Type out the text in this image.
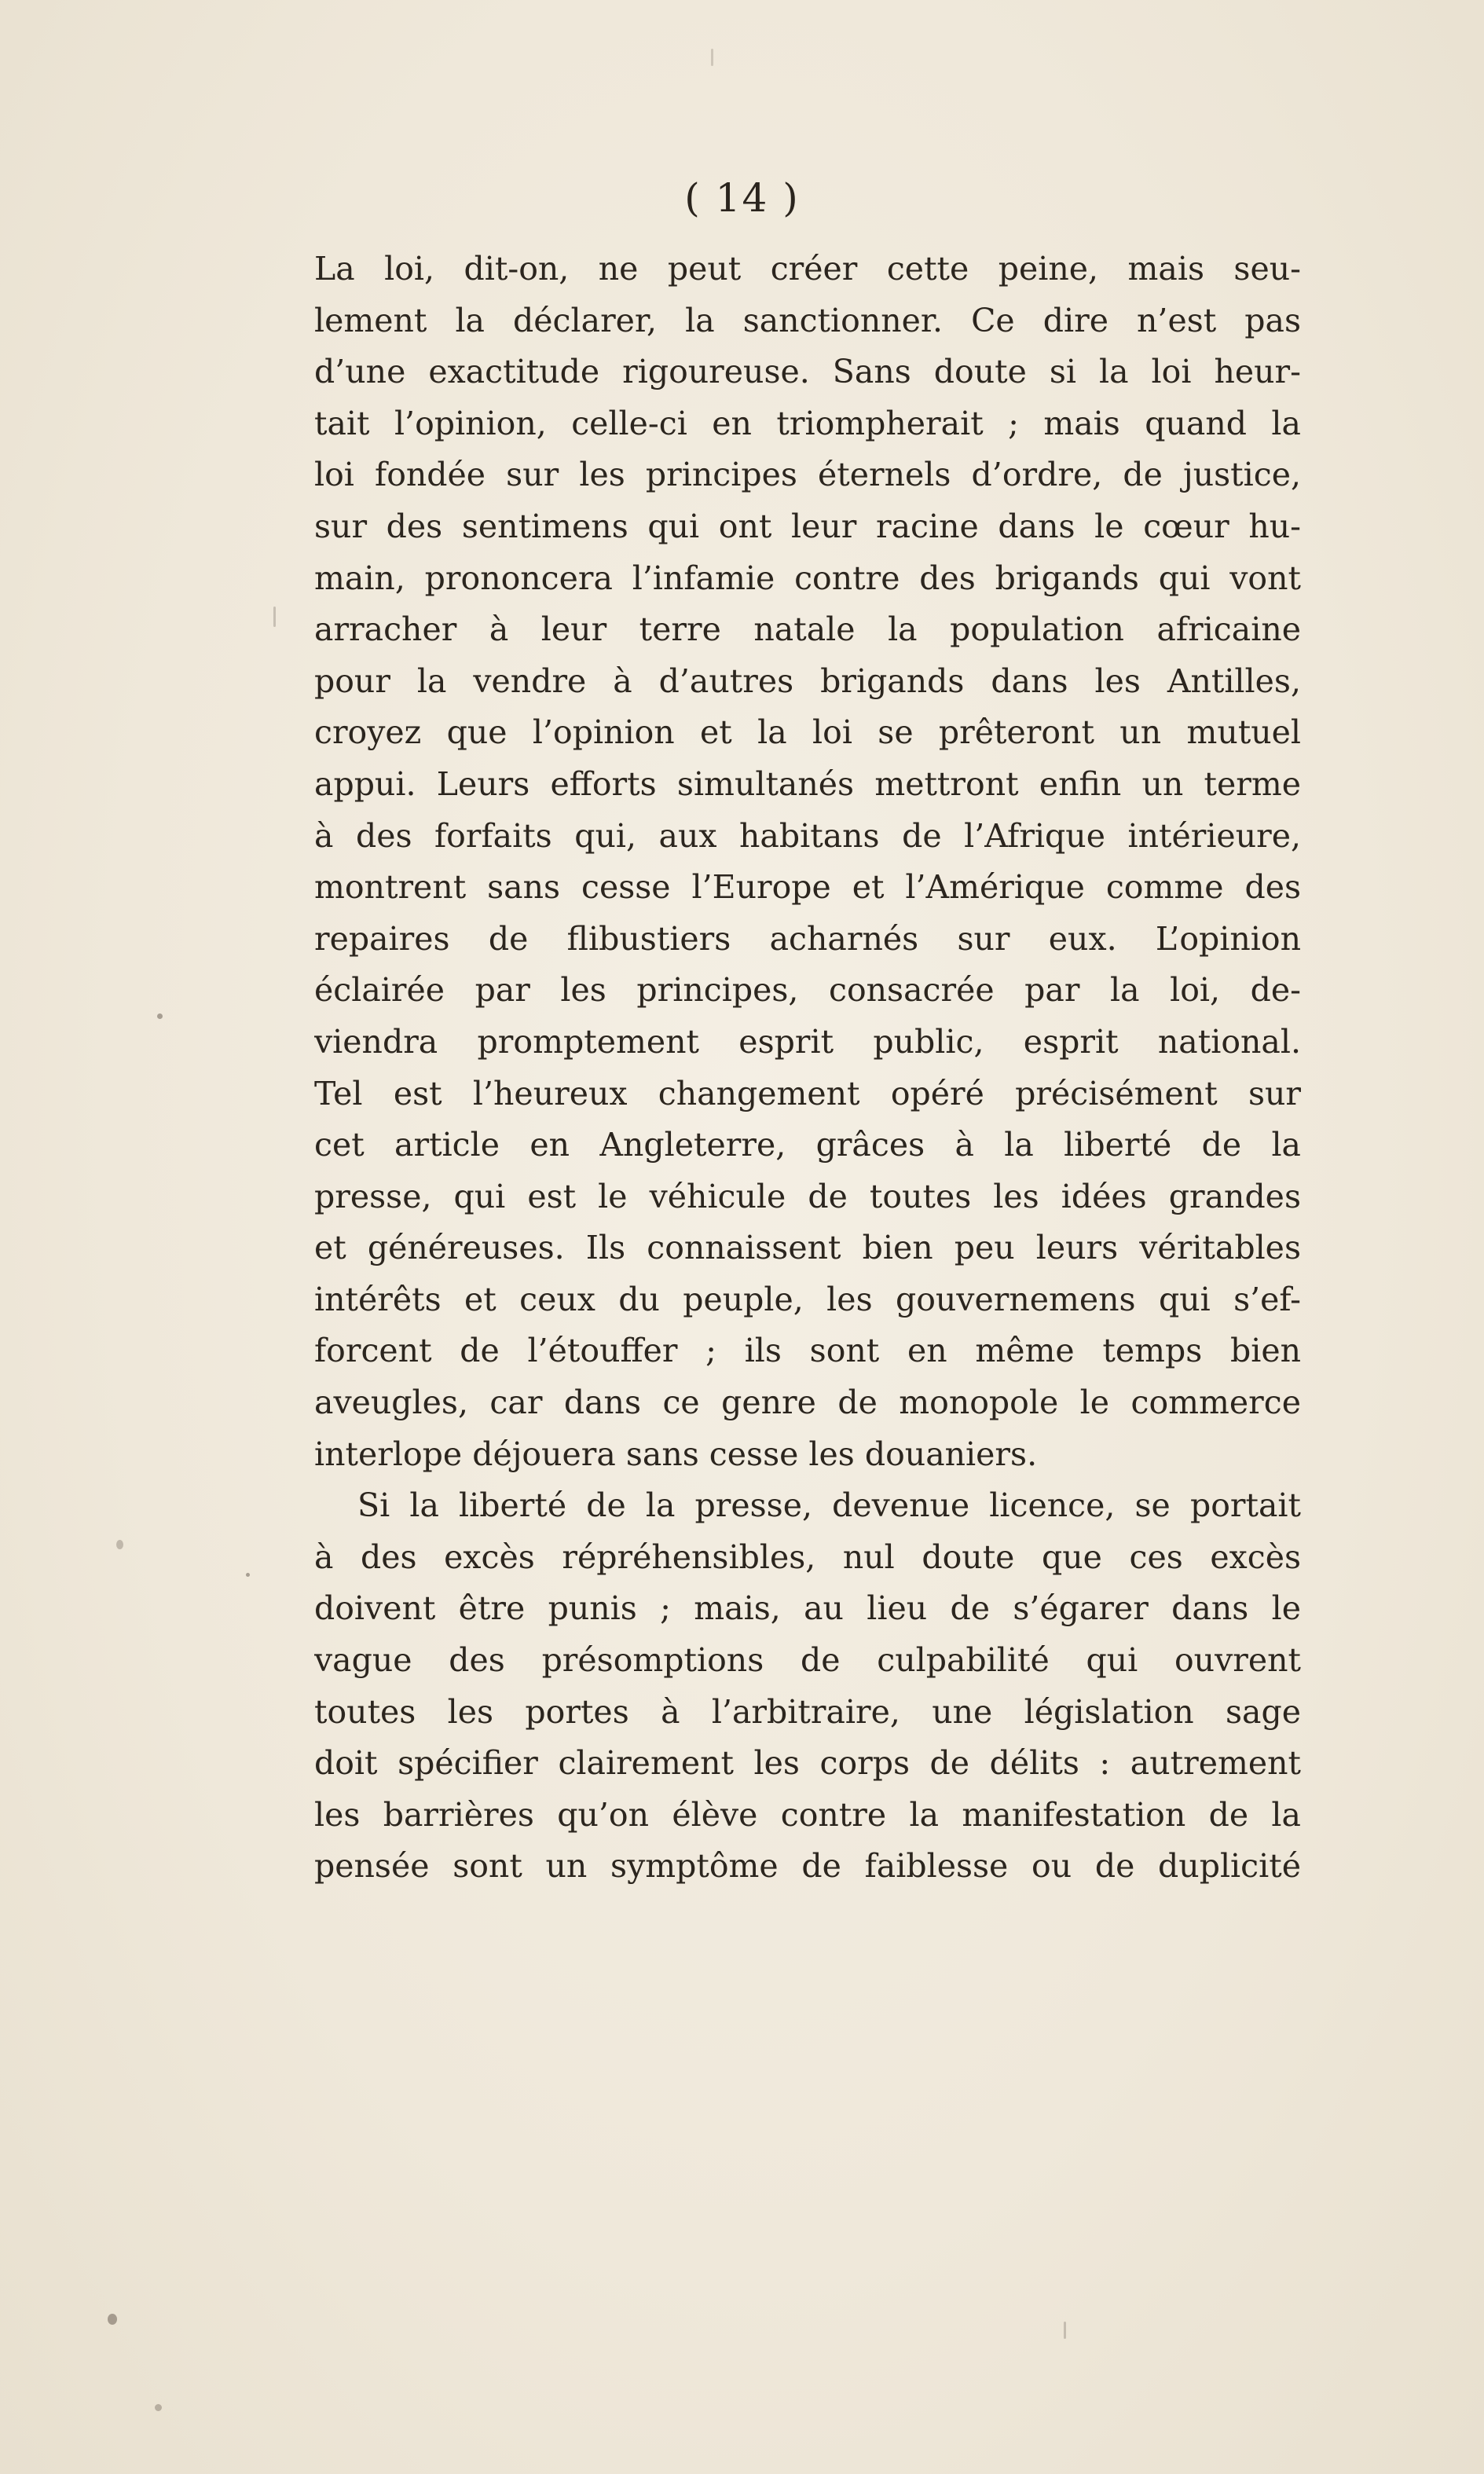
( 14 )
La loi, dit-on, ne peut créer cette peine, mais seu-
lement la déclarer, la sanctionner. Ce dire n’est pas
d’une exactitude rigoureuse. Sans doute si la loi heur-
tait l’opinion, celle-ci en triompherait ; mais quand la
loi fondée sur les principes éternels d’ordre, de justice,
sur des sentimens qui ont leur racine dans le cœur hu-
main, prononcera l’infamie contre des brigands qui vont
arracher à leur terre natale la population africaine
pour la vendre à d’autres brigands dans les Antilles,
croyez que l’opinion et la loi se prêteront un mutuel
appui. Leurs efforts simultanés mettront enfin un terme
à des forfaits qui, aux habitans de l’Afrique intérieure,
montrent sans cesse l’Europe et l’Amérique comme des
repaires de flibustiers acharnés sur eux. L’opinion
éclairée par les principes, consacrée par la loi, de-
viendra promptement esprit public, esprit national.
Tel est l’heureux changement opéré précisément sur
cet article en Angleterre, grâces à la liberté de la
presse, qui est le véhicule de toutes les idées grandes
et généreuses. Ils connaissent bien peu leurs véritables
intérêts et ceux du peuple, les gouvernemens qui s’ef-
forcent de l’étouffer ; ils sont en même temps bien
aveugles, car dans ce genre de monopole le commerce
interlope déjouera sans cesse les douaniers.
Si la liberté de la presse, devenue licence, se portait
à des excès répréhensibles, nul doute que ces excès
doivent être punis ; mais, au lieu de s’égarer dans le
vague des présomptions de culpabilité qui ouvrent
toutes les portes à l’arbitraire, une législation sage
doit spécifier clairement les corps de délits : autrement
les barrières qu’on élève contre la manifestation de la
pensée sont un symptôme de faiblesse ou de duplicité
